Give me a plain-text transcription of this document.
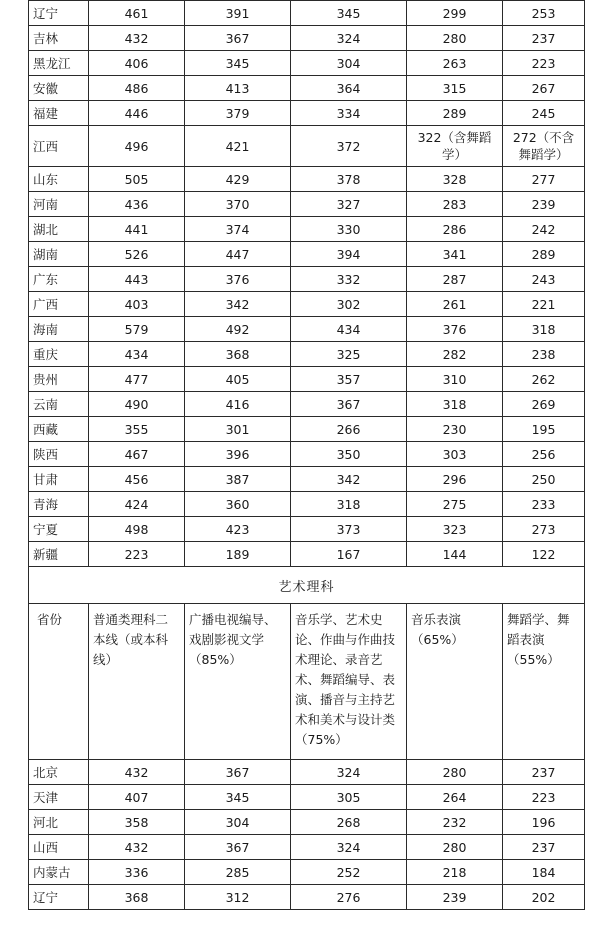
辽宁	461	391	345	299	253
吉林	432	367	324	280	237
黑龙江	406	345	304	263	223
安徽	486	413	364	315	267
福建	446	379	334	289	245
江西	496	421	372	322（含舞蹈学）	272（不含舞蹈学）
山东	505	429	378	328	277
河南	436	370	327	283	239
湖北	441	374	330	286	242
湖南	526	447	394	341	289
广东	443	376	332	287	243
广西	403	342	302	261	221
海南	579	492	434	376	318
重庆	434	368	325	282	238
贵州	477	405	357	310	262
云南	490	416	367	318	269
西藏	355	301	266	230	195
陕西	467	396	350	303	256
甘肃	456	387	342	296	250
青海	424	360	318	275	233
宁夏	498	423	373	323	273
新疆	223	189	167	144	122
艺术理科					
省份	普通类理科二本线（或本科线）	广播电视编导、戏剧影视文学（85%）	音乐学、艺术史论、作曲与作曲技术理论、录音艺术、舞蹈编导、表演、播音与主持艺术和美术与设计类（75%）	音乐表演（65%）	舞蹈学、舞蹈表演（55%）
北京	432	367	324	280	237
天津	407	345	305	264	223
河北	358	304	268	232	196
山西	432	367	324	280	237
内蒙古	336	285	252	218	184
辽宁	368	312	276	239	202
